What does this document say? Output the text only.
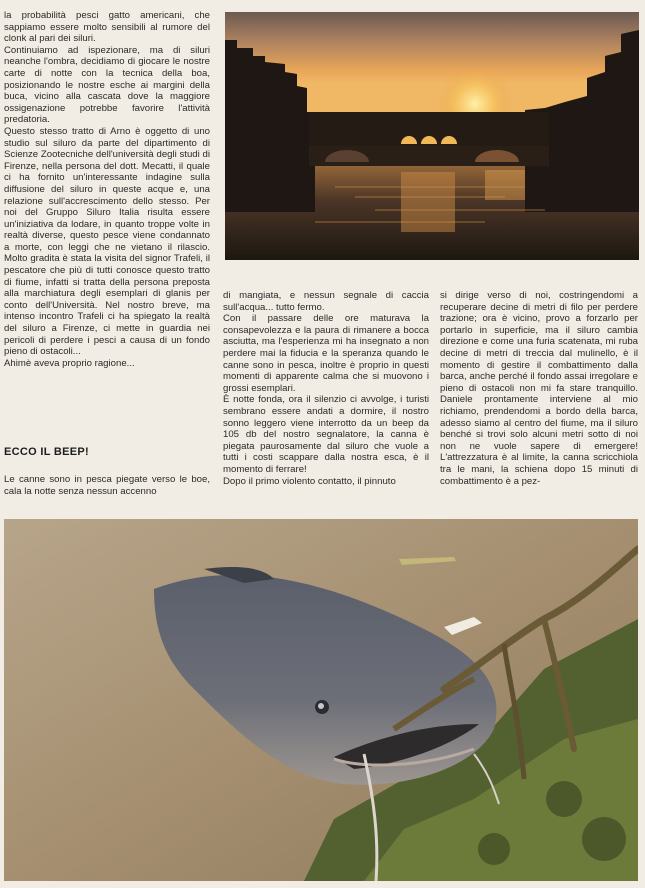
la probabilità pesci gatto americani, che sappiamo essere molto sensibili al rumore del clonk al pari dei siluri.

Continuiamo ad ispezionare, ma di siluri neanche l'ombra, decidiamo di giocare le nostre carte di notte con la tecnica della boa, posizionando le nostre esche ai margini della buca, vicino alla cascata dove la maggiore ossigenazione potrebbe favorire l'attività predatoria.

Questo stesso tratto di Arno è oggetto di uno studio sul siluro da parte del dipartimento di Scienze Zootecniche dell'università degli studi di Firenze, nella persona del dott. Mecatti, il quale ci ha fornito un'interessante indagine sulla diffusione del siluro in queste acque e, una relazione sull'accrescimento dello stesso. Per noi del Gruppo Siluro Italia risulta essere un'iniziativa da lodare, in quanto troppe volte in realtà diverse, questo pesce viene condannato a morte, con leggi che ne vietano il rilascio. Molto gradita è stata la visita del signor Trafeli, il pescatore che più di tutti conosce questo tratto di fiume, infatti si tratta della persona preposta alla marchiatura degli esemplari di glanis per conto dell'Università. Nel nostro breve, ma intenso incontro Trafeli ci ha spiegato la realtà del siluro a Firenze, ci mette in guardia nei pericoli di perdere i pesci a causa di un fondo pieno di ostacoli...

Ahimè aveva proprio ragione...

ECCO IL BEEP!

Le canne sono in pesca piegate verso le boe, cala la notte senza nessun accenno

di mangiata, e nessun segnale di caccia sull'acqua... tutto fermo.

Con il passare delle ore maturava la consapevolezza e la paura di rimanere a bocca asciutta, ma l'esperienza mi ha insegnato a non perdere mai la fiducia e la speranza quando le canne sono in pesca, inoltre è proprio in questi momenti di apparente calma che si muovono i grossi esemplari.

È notte fonda, ora il silenzio ci avvolge, i turisti sembrano essere andati a dormire, il nostro sonno leggero viene interrotto da un beep da 105 db del nostro segnalatore, la canna è piegata paurosamente dal siluro che vuole a tutti i costi scappare dalla nostra esca, è il momento di ferrare!

Dopo il primo violento contatto, il pinnuto

si dirige verso di noi, costringendomi a recuperare decine di metri di filo per perdere trazione; ora è vicino, provo a forzarlo per portarlo in superficie, ma il siluro cambia direzione e come una furia scatenata, mi ruba decine di metri di treccia dal mulinello, è il momento di gestire il combattimento dalla barca, anche perché il fondo assai irregolare e pieno di ostacoli non mi fa stare tranquillo. Daniele prontamente interviene al mio richiamo, prendendomi a bordo della barca, adesso siamo al centro del fiume, ma il siluro benché si trovi solo alcuni metri sotto di noi non ne vuole sapere di emergere! L'attrezzatura è al limite, la canna scricchiola tra le mani, la schiena dopo 15 minuti di combattimento è a pez-
